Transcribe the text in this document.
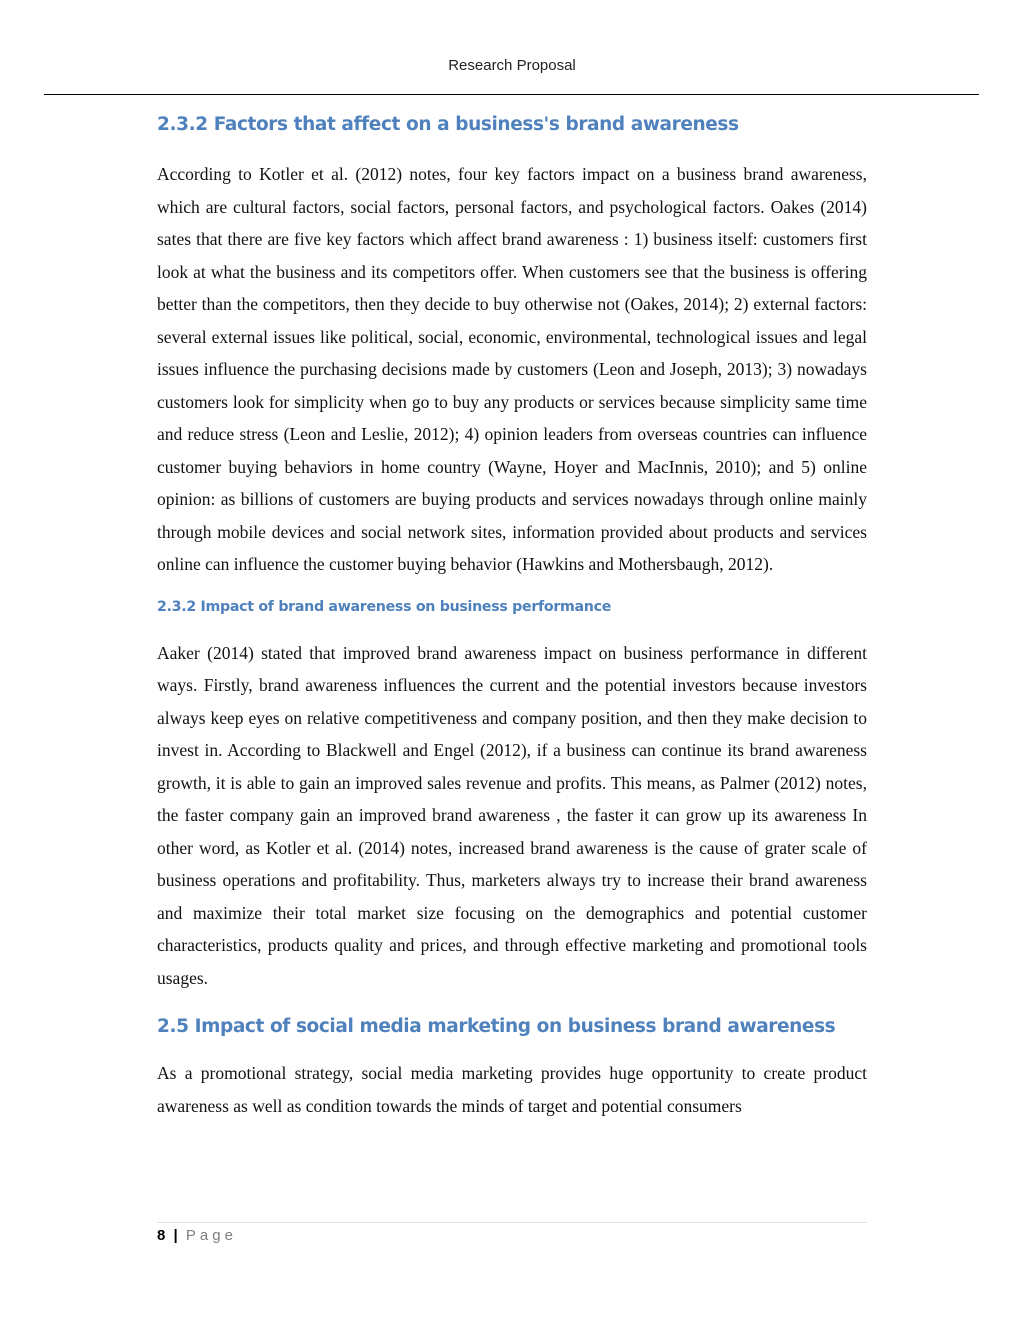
Research Proposal
2.3.2 Factors that affect on a business's brand awareness

According to Kotler et al. (2012) notes, four key factors impact on a business brand awareness, which are cultural factors, social factors, personal factors, and psychological factors. Oakes (2014) sates that there are five key factors which affect brand awareness : 1) business itself: customers first look at what the business and its competitors offer. When customers see that the business is offering better than the competitors, then they decide to buy otherwise not (Oakes, 2014); 2) external factors: several external issues like political, social, economic, environmental, technological issues and legal issues influence the purchasing decisions made by customers (Leon and Joseph, 2013); 3) nowadays customers look for simplicity when go to buy any products or services because simplicity same time and reduce stress (Leon and Leslie, 2012); 4) opinion leaders from overseas countries can influence customer buying behaviors in home country (Wayne, Hoyer and MacInnis, 2010); and 5) online opinion: as billions of customers are buying products and services nowadays through online mainly through mobile devices and social network sites, information provided about products and services online can influence the customer buying behavior (Hawkins and Mothersbaugh, 2012).

2.3.2 Impact of brand awareness on business performance

Aaker (2014) stated that improved brand awareness impact on business performance in different ways. Firstly, brand awareness influences the current and the potential investors because investors always keep eyes on relative competitiveness and company position, and then they make decision to invest in. According to Blackwell and Engel (2012), if a business can continue its brand awareness growth, it is able to gain an improved sales revenue and profits. This means, as Palmer (2012) notes, the faster company gain an improved brand awareness , the faster it can grow up its awareness In other word, as Kotler et al. (2014) notes, increased brand awareness is the cause of grater scale of business operations and profitability. Thus, marketers always try to increase their brand awareness and maximize their total market size focusing on the demographics and potential customer characteristics, products quality and prices, and through effective marketing and promotional tools usages.

2.5 Impact of social media marketing on business brand awareness

As a promotional strategy, social media marketing provides huge opportunity to create product awareness as well as condition towards the minds of target and potential consumers

8 | Page
